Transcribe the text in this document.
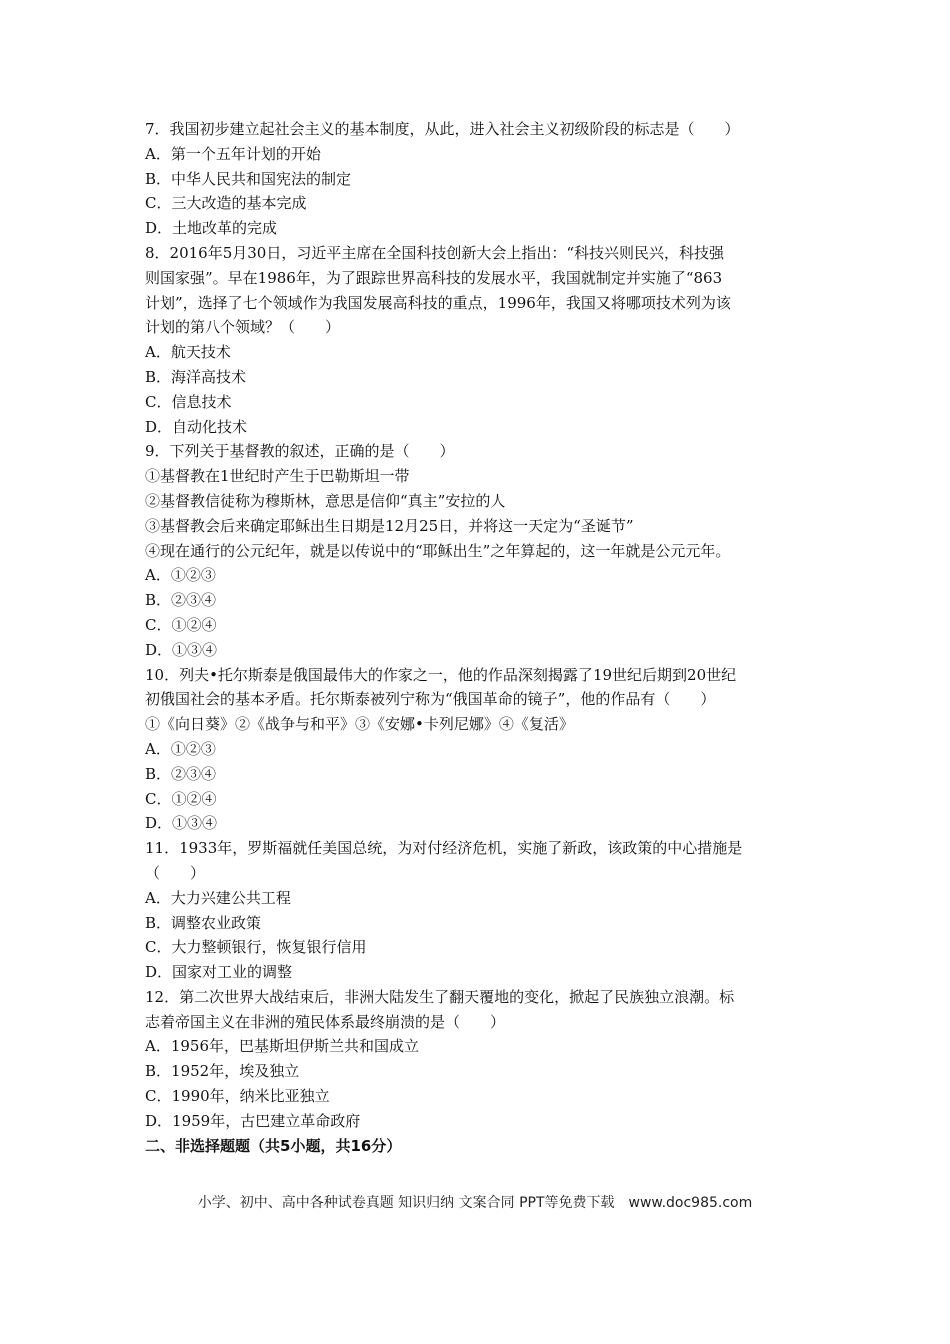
7．我国初步建立起社会主义的基本制度，从此，进入社会主义初级阶段的标志是（　　）
A．第一个五年计划的开始
B．中华人民共和国宪法的制定
C．三大改造的基本完成
D．土地改革的完成
8．2016年5月30日，习近平主席在全国科技创新大会上指出：“科技兴则民兴，科技强
则国家强”。早在1986年，为了跟踪世界高科技的发展水平，我国就制定并实施了“863
计划”，选择了七个领域作为我国发展高科技的重点，1996年，我国又将哪项技术列为该
计划的第八个领域？（　　）
A．航天技术
B．海洋高技术
C．信息技术
D．自动化技术
9．下列关于基督教的叙述，正确的是（　　）
①基督教在1世纪时产生于巴勒斯坦一带
②基督教信徒称为穆斯林，意思是信仰“真主”安拉的人
③基督教会后来确定耶稣出生日期是12月25日，并将这一天定为“圣诞节”
④现在通行的公元纪年，就是以传说中的“耶稣出生”之年算起的，这一年就是公元元年。
A．①②③
B．②③④
C．①②④
D．①③④
10．列夫•托尔斯泰是俄国最伟大的作家之一，他的作品深刻揭露了19世纪后期到20世纪
初俄国社会的基本矛盾。托尔斯泰被列宁称为“俄国革命的镜子”，他的作品有（　　）
①《向日葵》②《战争与和平》③《安娜•卡列尼娜》④《复活》
A．①②③
B．②③④
C．①②④
D．①③④
11．1933年，罗斯福就任美国总统，为对付经济危机，实施了新政，该政策的中心措施是
（　　）
A．大力兴建公共工程
B．调整农业政策
C．大力整顿银行，恢复银行信用
D．国家对工业的调整
12．第二次世界大战结束后，非洲大陆发生了翻天覆地的变化，掀起了民族独立浪潮。标
志着帝国主义在非洲的殖民体系最终崩溃的是（　　）
A．1956年，巴基斯坦伊斯兰共和国成立
B．1952年，埃及独立
C．1990年，纳米比亚独立
D．1959年，古巴建立革命政府
二、非选择题题（共5小题，共16分）
小学、初中、高中各种试卷真题 知识归纳 文案合同 PPT等免费下载　www.doc985.com
